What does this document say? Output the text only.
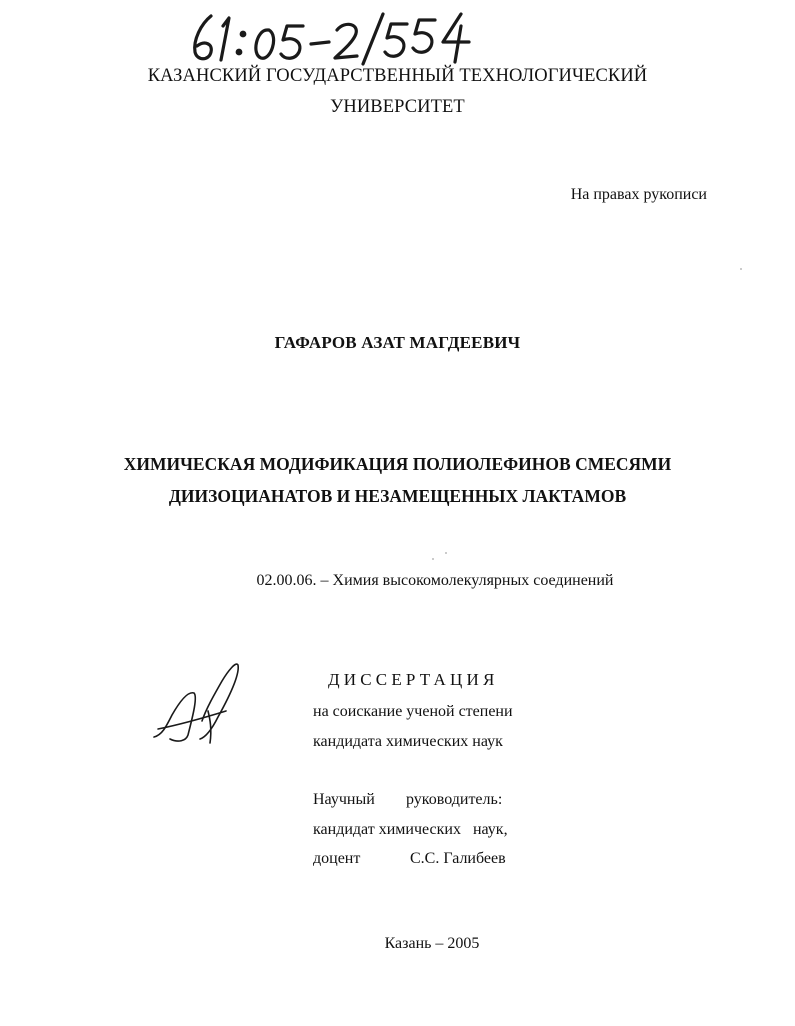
КАЗАНСКИЙ ГОСУДАРСТВЕННЫЙ ТЕХНОЛОГИЧЕСКИЙ
УНИВЕРСИТЕТ
На правах рукописи
ГАФАРОВ АЗАТ МАГДЕЕВИЧ
ХИМИЧЕСКАЯ МОДИФИКАЦИЯ ПОЛИОЛЕФИНОВ СМЕСЯМИ
ДИИЗОЦИАНАТОВ И НЕЗАМЕЩЕННЫХ ЛАКТАМОВ
02.00.06. – Химия высокомолекулярных соединений
ДИССЕРТАЦИЯ
на соискание ученой степени
кандидата химических наук
Научный руководитель:
кандидат химических   наук,
доцент	С.С. Галибеев
Казань – 2005
